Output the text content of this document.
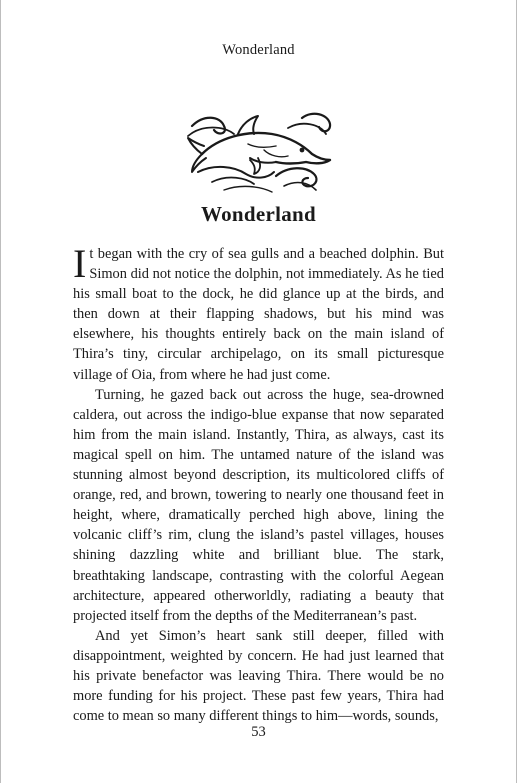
Wonderland
Wonderland

It began with the cry of sea gulls and a beached dolphin. But Simon did not notice the dolphin, not immediately. As he tied his small boat to the dock, he did glance up at the birds, and then down at their flapping shadows, but his mind was elsewhere, his thoughts entirely back on the main island of Thira’s tiny, circular archipelago, on its small picturesque village of Oia, from where he had just come.

Turning, he gazed back out across the huge, sea-drowned caldera, out across the indigo-blue expanse that now separated him from the main island. Instantly, Thira, as always, cast its magical spell on him. The untamed nature of the island was stunning almost beyond description, its multicolored cliffs of orange, red, and brown, towering to nearly one thousand feet in height, where, dramatically perched high above, lining the volcanic cliff’s rim, clung the island’s pastel villages, houses shining dazzling white and brilliant blue. The stark, breathtaking landscape, contrasting with the colorful Aegean architecture, appeared otherworldly, radiating a beauty that projected itself from the depths of the Mediterranean’s past.

And yet Simon’s heart sank still deeper, filled with disappointment, weighted by concern. He had just learned that his private benefactor was leaving Thira. There would be no more funding for his project. These past few years, Thira had come to mean so many different things to him—words, sounds,

53
